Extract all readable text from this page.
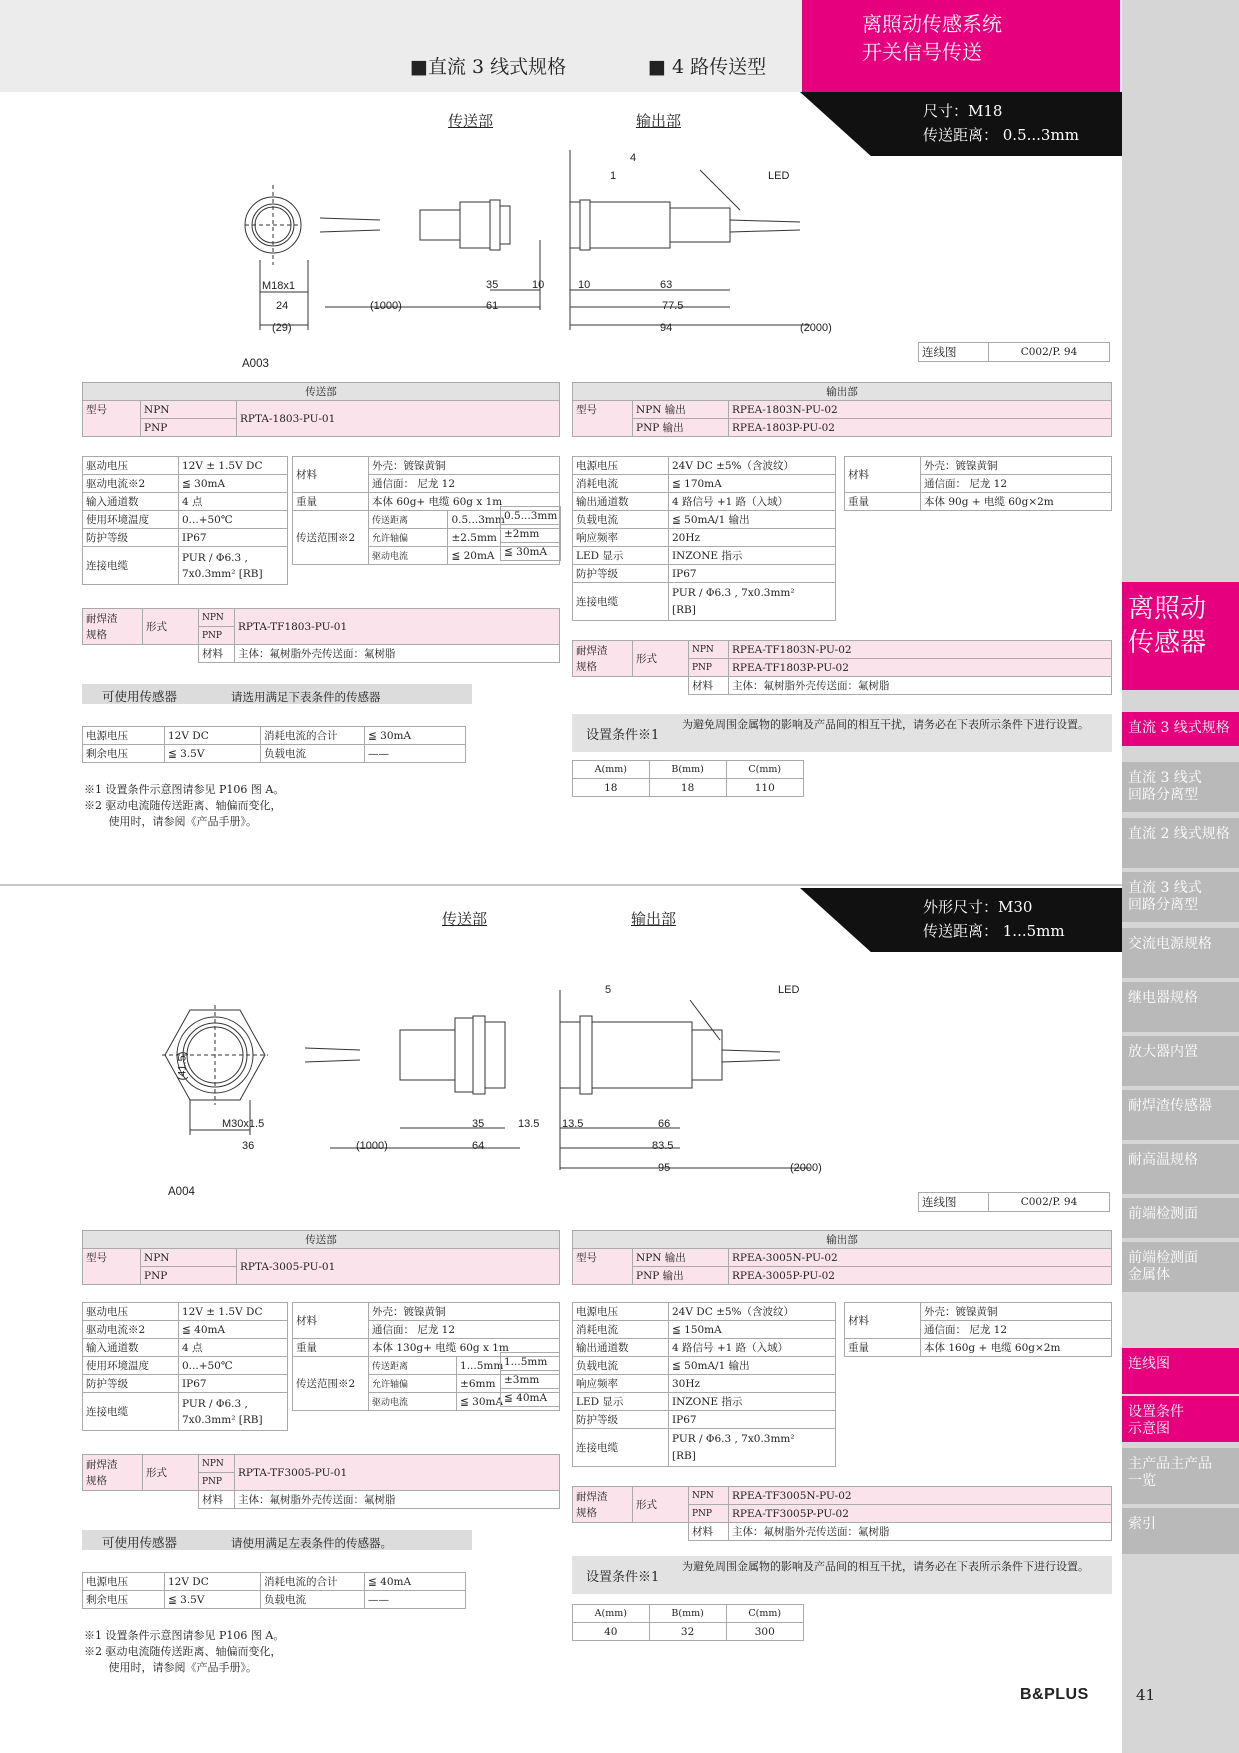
■直流 3 线式规格	■ 4 路传送型
离照动传感系统
开关信号传送
离照动
传感器
直流 3 线式规格
直流 3 线式
回路分离型
直流 2 线式规格
直流 3 线式
回路分离型
交流电源规格
继电器规格
放大器内置
耐焊渣传感器
耐高温规格
前端检测面
前端检测面
金属体
连线图
设置条件
示意图
主产品主产品
一览
索引
尺寸：M18
传送距离： 0.5...3mm
传送部	输出部
4
1	LED
M18x1
24
(29)
(1000)
35	10
61
10	63
77.5
94	(2000)
A003
连线图	C002/P. 94
传送部
型号	NPN	RPTA-1803-PU-01
PNP
驱动电压	12V ± 1.5V DC
驱动电流※2	≦ 30mA
输入通道数	4 点
使用环境温度	0...+50℃
防护等级	IP67
连接电缆	PUR / Φ6.3 ,
7x0.3mm² [RB]
材料	外壳：镀镍黄铜	
	通信面： 尼龙 12	
重量	本体 60g+ 电缆 60g x 1m	
传送范围※2	传送距离	0.5...3mm
	允许轴偏	±2.5mm
	驱动电流	≦ 20mA
0.5...3mm
±2mm
≦ 30mA
耐焊渣
规格	形式	NPN	RPTA-TF1803-PU-01
		PNP	
		材料	主体：氟树脂外壳传送面：氟树脂
可使用传感器	请选用满足下表条件的传感器
电源电压	12V DC	消耗电流的合计	≦ 30mA
剩余电压	≦ 3.5V	负载电流	——
※1 设置条件示意图请参见 P106 图 A。
※2 驱动电流随传送距离、轴偏而变化，
使用时，请参阅《产品手册》。
输出部		
型号	NPN 输出	RPEA-1803N-PU-02
	PNP 输出	RPEA-1803P-PU-02
电源电压	24V DC ±5%（含波纹）
消耗电流	≦ 170mA
输出通道数	4 路信号 +1 路（入域）
负载电流	≦ 50mA/1 输出
响应频率	20Hz
LED 显示	INZONE 指示
防护等级	IP67
连接电缆	PUR / Φ6.3 , 7x0.3mm²
[RB]
材料	外壳：镀镍黄铜
	通信面： 尼龙 12
重量	本体 90g + 电缆 60g×2m
耐焊渣
规格	形式	NPN	RPEA-TF1803N-PU-02
		PNP	RPEA-TF1803P-PU-02
		材料	主体：氟树脂外壳传送面：氟树脂
设置条件※1
为避免周围金属物的影响及产品间的相互干扰，请务必在下表所示条件下进行设置。
A(mm)	B(mm)	C(mm)
18	18	110
外形尺寸：M30
传送距离： 1...5mm
传送部	输出部
5	LED
(41.5)
M30x1.5
36	(1000)
35	13.5
64
13.5	66
83.5
95	(2000)
A004
连线图	C002/P. 94
传送部
型号	NPN	RPTA-3005-PU-01
PNP
驱动电压	12V ± 1.5V DC
驱动电流※2	≦ 40mA
输入通道数	4 点
使用环境温度	0...+50℃
防护等级	IP67
连接电缆	PUR / Φ6.3 ,
7x0.3mm² [RB]
材料	外壳：镀镍黄铜	
	通信面： 尼龙 12	
重量	本体 130g+ 电缆 60g x 1m	
传送范围※2	传送距离	1...5mm
	允许轴偏	±6mm
	驱动电流	≦ 30mA
1...5mm
±3mm
≦ 40mA
耐焊渣
规格	形式	NPN	RPTA-TF3005-PU-01
		PNP	
		材料	主体：氟树脂外壳传送面：氟树脂
可使用传感器	请使用满足左表条件的传感器。
电源电压	12V DC	消耗电流的合计	≦ 40mA
剩余电压	≦ 3.5V	负载电流	——
※1 设置条件示意图请参见 P106 图 A。
※2 驱动电流随传送距离、轴偏而变化，
使用时，请参阅《产品手册》。
输出部		
型号	NPN 输出	RPEA-3005N-PU-02
	PNP 输出	RPEA-3005P-PU-02
电源电压	24V DC ±5%（含波纹）
消耗电流	≦ 150mA
输出通道数	4 路信号 +1 路（入域）
负载电流	≦ 50mA/1 输出
响应频率	30Hz
LED 显示	INZONE 指示
防护等级	IP67
连接电缆	PUR / Φ6.3 , 7x0.3mm²
[RB]
材料	外壳：镀镍黄铜
	通信面： 尼龙 12
重量	本体 160g + 电缆 60g×2m
耐焊渣
规格	形式	NPN	RPEA-TF3005N-PU-02
		PNP	RPEA-TF3005P-PU-02
		材料	主体：氟树脂外壳传送面：氟树脂
设置条件※1
为避免周围金属物的影响及产品间的相互干扰，请务必在下表所示条件下进行设置。
A(mm)	B(mm)	C(mm)
40	32	300
B&PLUS	41
